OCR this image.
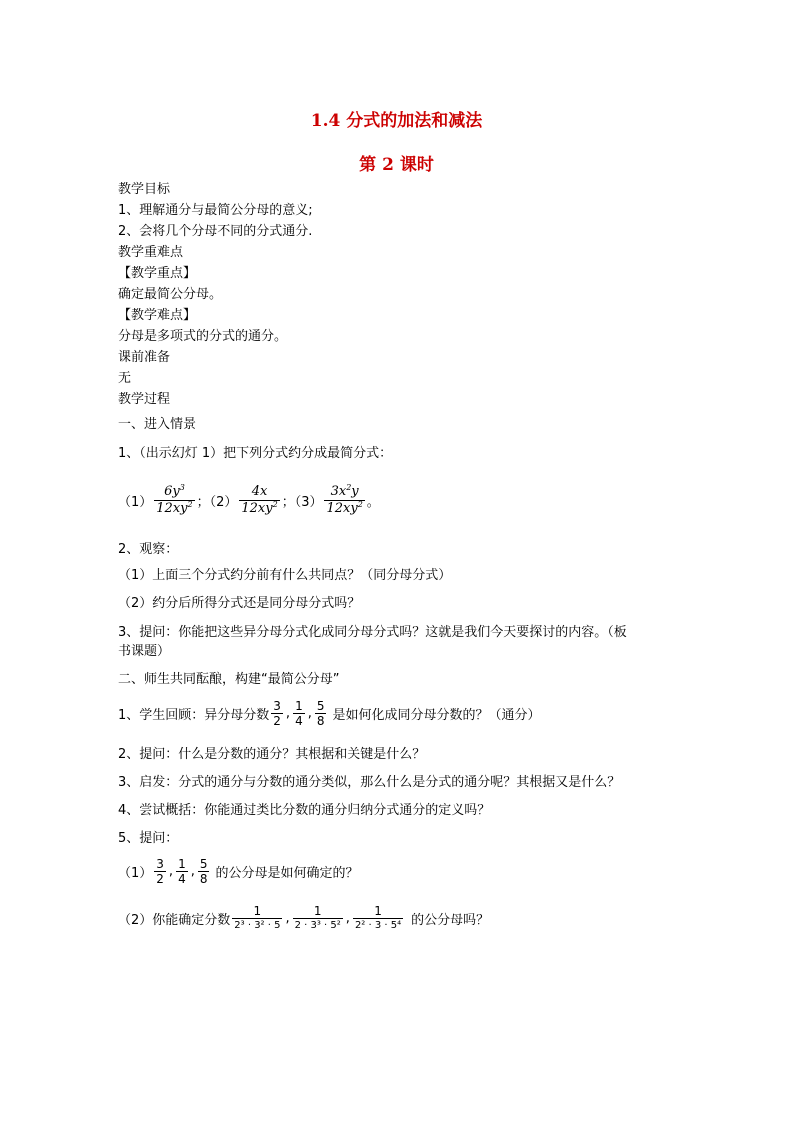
1.4 分式的加法和减法
第 2 课时
教学目标
1、理解通分与最简公分母的意义;
2、会将几个分母不同的分式通分.
教学重难点
【教学重点】
确定最简公分母。
【教学难点】
分母是多项式的分式的通分。
课前准备
无
教学过程
一、进入情景
1、（出示幻灯 1）把下列分式约分成最简分式：
$(1) \frac{6y^3}{12xy^2}$ ；$(2) \frac{4x}{12xy^2}$ ；$(3) \frac{3x^2y}{12xy^2}$ 。
2、观察：
（1）上面三个分式约分前有什么共同点？（同分母分式）
（2）约分后所得分式还是同分母分式吗？
3、提问：你能把这些异分母分式化成同分母分式吗？这就是我们今天要探讨的内容。（板
书课题）
二、师生共同酝酿，构建“最简公分母”
1、学生回顾：异分母分数 $\frac{3}{2}$ , $\frac{1}{4}$ , $\frac{5}{8}$ 是如何化成同分母分数的？（通分）
2、提问：什么是分数的通分？其根据和关键是什么？
3、启发：分式的通分与分数的通分类似，那么什么是分式的通分呢？其根据又是什么？
4、尝试概括：你能通过类比分数的通分归纳分式通分的定义吗？
5、提问：
$(1) \frac{3}{2}$ , $\frac{1}{4}$ , $\frac{5}{8}$ 的公分母是如何确定的？
（2）你能确定分数 $\frac{1}{\text{2³ · 3² · 5}}$ , $\frac{1}{\text{2 · 3³ · 5²}}$ , $\frac{1}{\text{2² · 3 · 5⁴}}$ 的公分母吗？
